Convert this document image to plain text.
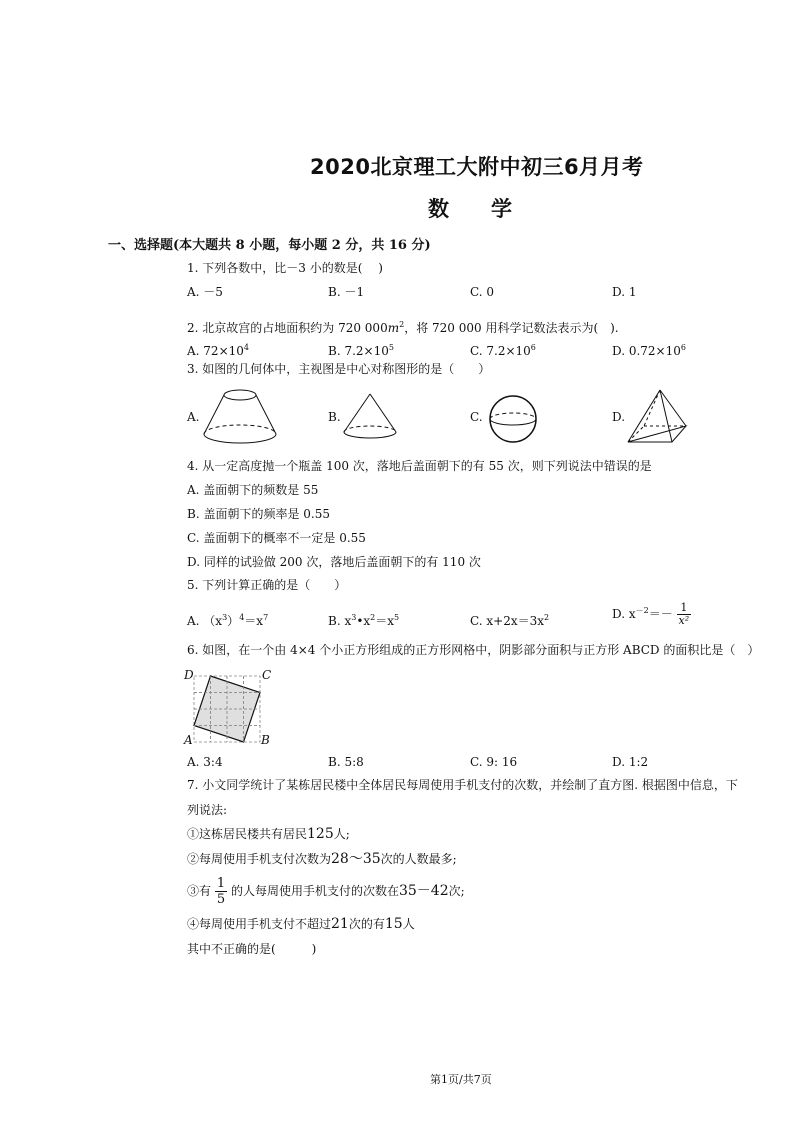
2020北京理工大附中初三6月月考
数　　学
一、选择题(本大题共 8 小题，每小题 2 分，共 16 分)
1. 下列各数中，比－3 小的数是(　 )
A. －5	B. －1	C. 0	D. 1
2. 北京故宫的占地面积约为 720 $000m^2$，将 720 000 用科学记数法表示为(　).
A. $72\times 10^4$	B. $7.2\times 10^5$	C. $7.2\times 10^6$	D. $0.72\times 10^6$
3. 如图的几何体中，主视图是中心对称图形的是（　　）
A.	B.	C.	D.
4. 从一定高度抛一个瓶盖 100 次，落地后盖面朝下的有 55 次，则下列说法中错误的是
A. 盖面朝下的频数是 55
B. 盖面朝下的频率是 0.55
C. 盖面朝下的概率不一定是 0.55
D. 同样的试验做 200 次，落地后盖面朝下的有 110 次
5. 下列计算正确的是（　　）
A. $(x^3)^4=x^7$	B. $x^3•x^2=x^5$	C. $x+2x=3x^2$	D. $x^{-2}=- \frac{1}{\text{x²}}$
6. 如图，在一个由 4×4 个小正方形组成的正方形网格中，阴影部分面积与正方形 ABCD 的面积比是（　）
D	C
A	B
A. 3:4	B. 5:8	C. 9: 16	D. 1:2
7. 小文同学统计了某栋居民楼中全体居民每周使用手机支付的次数，并绘制了直方图. 根据图中信息，下
列说法:
①这栋居民楼共有居民125人;
②每周使用手机支付次数为28～35次的人数最多;
③有 $\frac{1}{5}$ 的人每周使用手机支付的次数在35－42次;
④每周使用手机支付不超过21次的有15人
其中不正确的是(　　　)
第1页/共7页
